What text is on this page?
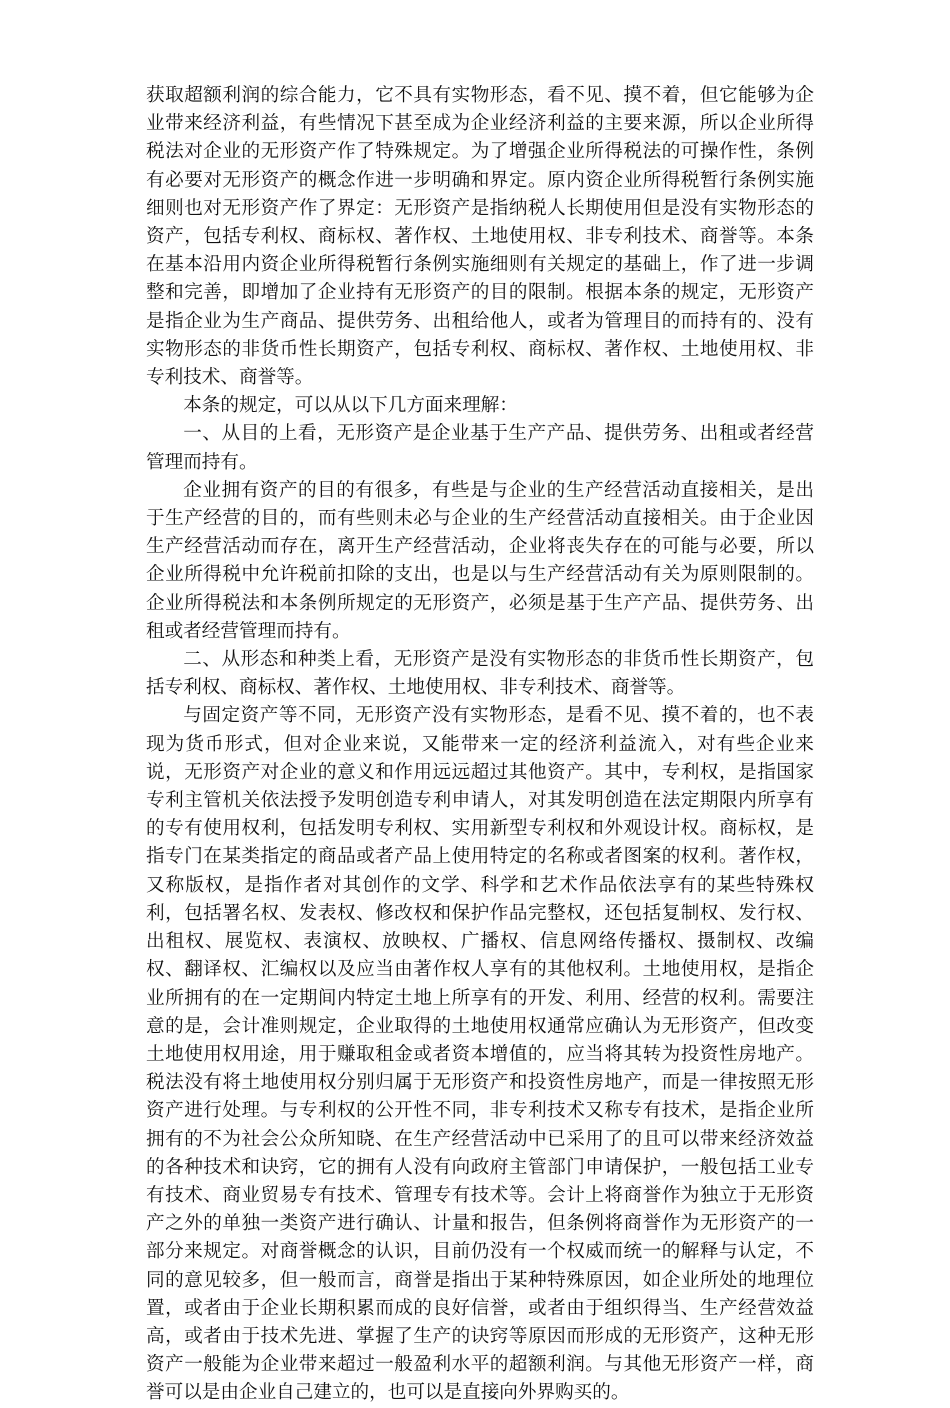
获取超额利润的综合能力，它不具有实物形态，看不见、摸不着，但它能够为企业带来经济利益，有些情况下甚至成为企业经济利益的主要来源，所以企业所得税法对企业的无形资产作了特殊规定。为了增强企业所得税法的可操作性，条例有必要对无形资产的概念作进一步明确和界定。原内资企业所得税暂行条例实施细则也对无形资产作了界定：无形资产是指纳税人长期使用但是没有实物形态的资产，包括专利权、商标权、著作权、土地使用权、非专利技术、商誉等。本条在基本沿用内资企业所得税暂行条例实施细则有关规定的基础上，作了进一步调整和完善，即增加了企业持有无形资产的目的限制。根据本条的规定，无形资产是指企业为生产商品、提供劳务、出租给他人，或者为管理目的而持有的、没有实物形态的非货币性长期资产，包括专利权、商标权、著作权、土地使用权、非专利技术、商誉等。

本条的规定，可以从以下几方面来理解：

一、从目的上看，无形资产是企业基于生产产品、提供劳务、出租或者经营管理而持有。

企业拥有资产的目的有很多，有些是与企业的生产经营活动直接相关，是出于生产经营的目的，而有些则未必与企业的生产经营活动直接相关。由于企业因生产经营活动而存在，离开生产经营活动，企业将丧失存在的可能与必要，所以企业所得税中允许税前扣除的支出，也是以与生产经营活动有关为原则限制的。企业所得税法和本条例所规定的无形资产，必须是基于生产产品、提供劳务、出租或者经营管理而持有。

二、从形态和种类上看，无形资产是没有实物形态的非货币性长期资产，包括专利权、商标权、著作权、土地使用权、非专利技术、商誉等。

与固定资产等不同，无形资产没有实物形态，是看不见、摸不着的，也不表现为货币形式，但对企业来说，又能带来一定的经济利益流入，对有些企业来说，无形资产对企业的意义和作用远远超过其他资产。其中，专利权，是指国家专利主管机关依法授予发明创造专利申请人，对其发明创造在法定期限内所享有的专有使用权利，包括发明专利权、实用新型专利权和外观设计权。商标权，是指专门在某类指定的商品或者产品上使用特定的名称或者图案的权利。著作权，又称版权，是指作者对其创作的文学、科学和艺术作品依法享有的某些特殊权利，包括署名权、发表权、修改权和保护作品完整权，还包括复制权、发行权、出租权、展览权、表演权、放映权、广播权、信息网络传播权、摄制权、改编权、翻译权、汇编权以及应当由著作权人享有的其他权利。土地使用权，是指企业所拥有的在一定期间内特定土地上所享有的开发、利用、经营的权利。需要注意的是，会计准则规定，企业取得的土地使用权通常应确认为无形资产，但改变土地使用权用途，用于赚取租金或者资本增值的，应当将其转为投资性房地产。税法没有将土地使用权分别归属于无形资产和投资性房地产，而是一律按照无形资产进行处理。与专利权的公开性不同，非专利技术又称专有技术，是指企业所拥有的不为社会公众所知晓、在生产经营活动中已采用了的且可以带来经济效益的各种技术和诀窍，它的拥有人没有向政府主管部门申请保护，一般包括工业专有技术、商业贸易专有技术、管理专有技术等。会计上将商誉作为独立于无形资产之外的单独一类资产进行确认、计量和报告，但条例将商誉作为无形资产的一部分来规定。对商誉概念的认识，目前仍没有一个权威而统一的解释与认定，不同的意见较多，但一般而言，商誉是指出于某种特殊原因，如企业所处的地理位置，或者由于企业长期积累而成的良好信誉，或者由于组织得当、生产经营效益高，或者由于技术先进、掌握了生产的诀窍等原因而形成的无形资产，这种无形资产一般能为企业带来超过一般盈利水平的超额利润。与其他无形资产一样，商誉可以是由企业自己建立的，也可以是直接向外界购买的。
